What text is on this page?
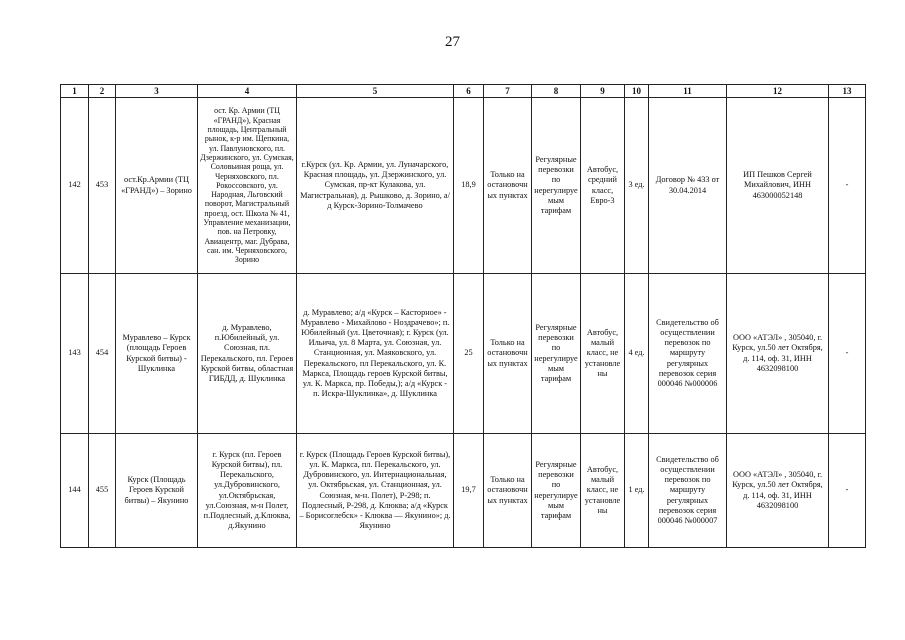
27
1	2	3	4	5	6	7	8	9	10	11	12	13
142	453	ост.Кр.Армии (ТЦ «ГРАНД») – Зорино	ост. Кр. Армии (ТЦ «ГРАНД»), Красная площадь, Центральный рынок, к-р им. Щепкина, ул. Павлуновского, пл. Дзержинского, ул. Сумская, Соловьиная роща, ул. Черняховского, пл. Рокоссовского, ул. Народная, Льговский поворот, Магистральный проезд, ост. Школа № 41, Управление механизации, пов. на Петровку, Авиацентр, маг. Дубрава, сан. им. Черняховского, Зорино	г.Курск (ул. Кр. Армии, ул. Луначарского, Красная площадь, ул. Дзержинского, ул. Сумская, пр-кт Кулакова, ул. Магистральная), д. Рышково, д. Зорино, а/д Курск-Зорино-Толмачево	18,9	Только на остановочных пунктах	Регулярные перевозки по нерегулируемым тарифам	Автобус, средний класс, Евро-3	3 ед.	Договор № 433 от 30.04.2014	ИП Пешков Сергей Михайлович, ИНН 463000052148	-
143	454	Муравлево – Курск (площадь Героев Курской битвы) - Шуклинка	д. Муравлево, п.Юбилейный, ул. Союзная, пл. Перекальского, пл. Героев Курской битвы, областная ГИБДД, д. Шуклинка	д. Муравлево; а/д «Курск – Касторное» - Муравлево - Михайлово - Ноздрачево»; п. Юбилейный (ул. Цветочная); г. Курск (ул. Ильича, ул. 8 Марта, ул. Союзная, ул. Станционная, ул. Маяковского, ул. Перекальского, пл Перекальского, ул. К. Маркса, Площадь героев Курской битвы, ул. К. Маркса, пр. Победы,); а/д «Курск - п. Искра-Шуклинка», д. Шуклинка	25	Только на остановочных пунктах	Регулярные перевозки по нерегулируемым тарифам	Автобус, малый класс, не установлены	4 ед.	Свидетельство об осуществлении перевозок по маршруту регулярных перевозок серия 000046 №000006	ООО «АТЭЛ» , 305040, г. Курск, ул.50 лет Октября, д. 114, оф. 31, ИНН 4632098100	-
144	455	Курск (Площадь Героев Курской битвы) – Якунино	г. Курск (пл. Героев Курской битвы), пл. Перекальского, ул.Дубровинского, ул.Октябрьская, ул.Союзная, м-н Полет, п.Подлесный, д.Клюква, д.Якунино	г. Курск (Площадь Героев Курской битвы), ул. К. Маркса, пл. Перекальского, ул. Дубровинского, ул. Интернациональная, ул. Октябрьская, ул. Станционная, ул. Союзная, м-н. Полет), Р-298; п. Подлесный, Р-298, д. Клюква; а/д «Курск – Борисоглебск» - Клюква — Якунино»; д. Якунино	19,7	Только на остановочных пунктах	Регулярные перевозки по нерегулируемым тарифам	Автобус, малый класс, не установлены	1 ед.	Свидетельство об осуществлении перевозок по маршруту регулярных перевозок серия 000046 №000007	ООО «АТЭЛ» , 305040, г. Курск, ул.50 лет Октября, д. 114, оф. 31, ИНН 4632098100	-
